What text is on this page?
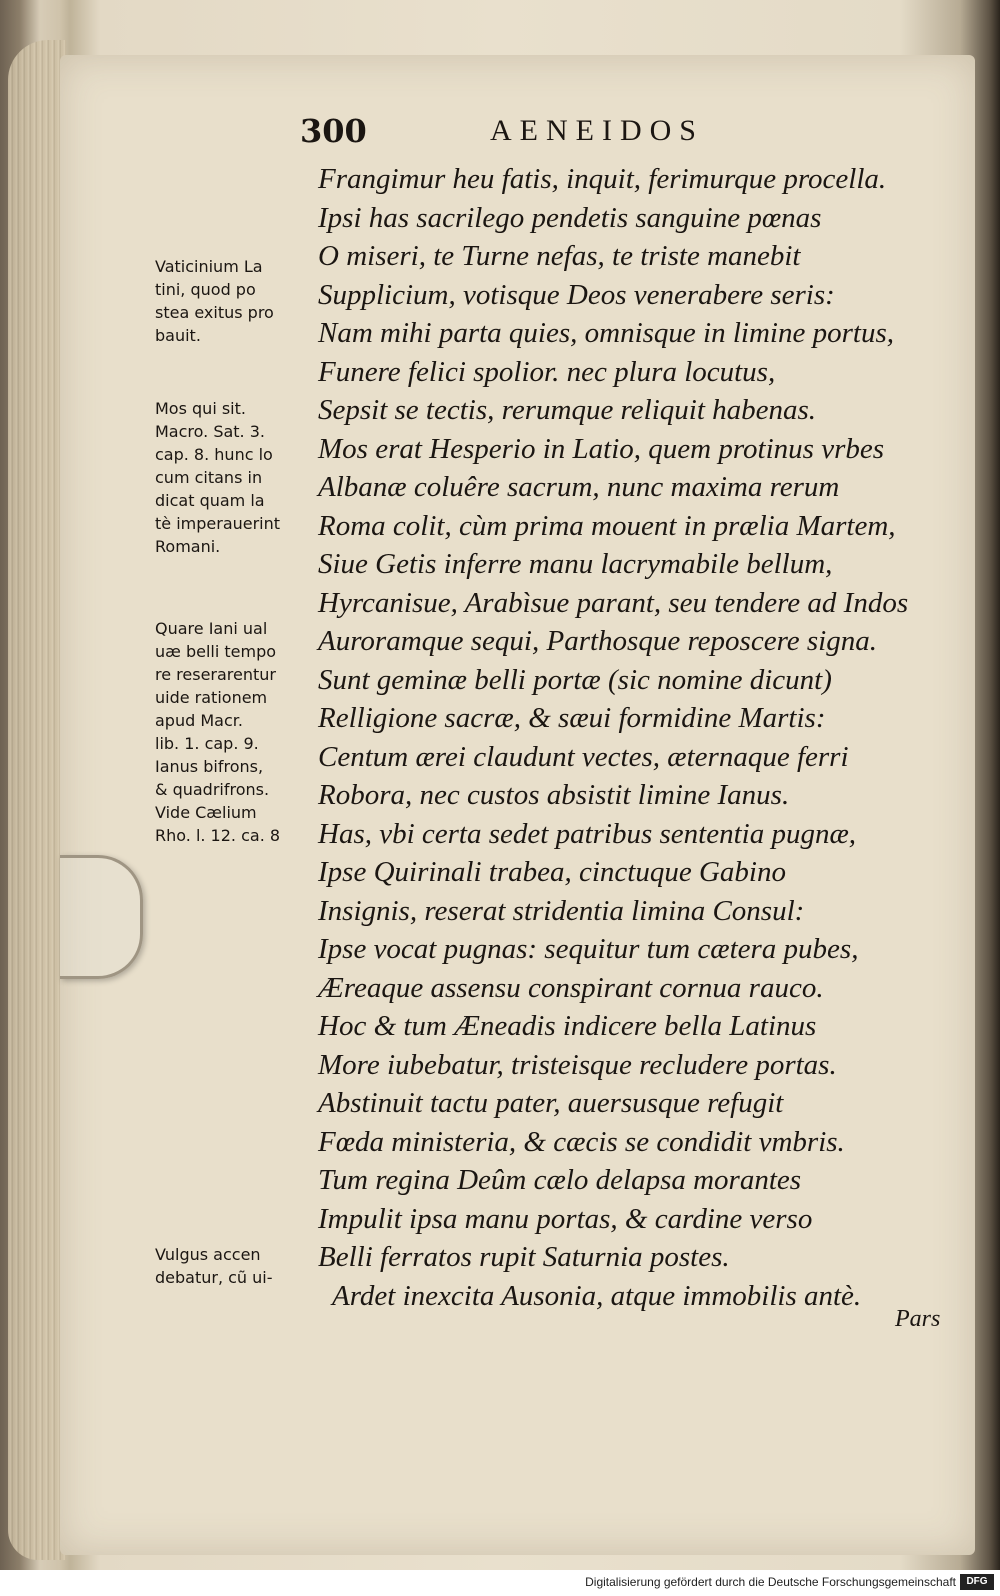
300	AENEIDOS
Frangimur heu fatis, inquit, ferimurque procella.
Ipsi has sacrilego pendetis sanguine pœnas
O miseri, te Turne nefas, te triste manebit
Supplicium, votisque Deos venerabere seris:
Nam mihi parta quies, omnisque in limine portus,
Funere felici spolior. nec plura locutus,
Sepsit se tectis, rerumque reliquit habenas.
Mos erat Hesperio in Latio, quem protinus vrbes
Albanæ coluêre sacrum, nunc maxima rerum
Roma colit, cùm prima mouent in prælia Martem,
Siue Getis inferre manu lacrymabile bellum,
Hyrcanisue, Arabìsue parant, seu tendere ad Indos
Auroramque sequi, Parthosque reposcere signa.
Sunt geminæ belli portæ (sic nomine dicunt)
Relligione sacræ, & sæui formidine Martis:
Centum ærei claudunt vectes, æternaque ferri
Robora, nec custos absistit limine Ianus.
Has, vbi certa sedet patribus sententia pugnæ,
Ipse Quirinali trabea, cinctuque Gabino
Insignis, reserat stridentia limina Consul:
Ipse vocat pugnas: sequitur tum cætera pubes,
Æreaque assensu conspirant cornua rauco.
Hoc & tum Æneadis indicere bella Latinus
More iubebatur, tristeisque recludere portas.
Abstinuit tactu pater, auersusque refugit
Fœda ministeria, & cæcis se condidit vmbris.
Tum regina Deûm cælo delapsa morantes
Impulit ipsa manu portas, & cardine verso
Belli ferratos rupit Saturnia postes.
Ardet inexcita Ausonia, atque immobilis antè.
Vaticinium La
tini, quod po
stea exitus pro
bauit.
Mos qui sit.
Macro. Sat. 3.
cap. 8. hunc lo
cum citans in
dicat quam la
tè imperauerint
Romani.
Quare Iani ual
uæ belli tempo
re reserarentur
uide rationem
apud Macr.
lib. 1. cap. 9.
Ianus bifrons,
& quadrifrons.
Vide Cælium
Rho. l. 12. ca. 8
Vulgus accen
debatur, cũ ui-
Pars
Digitalisierung gefördert durch die Deutsche Forschungsgemeinschaft	DFG
